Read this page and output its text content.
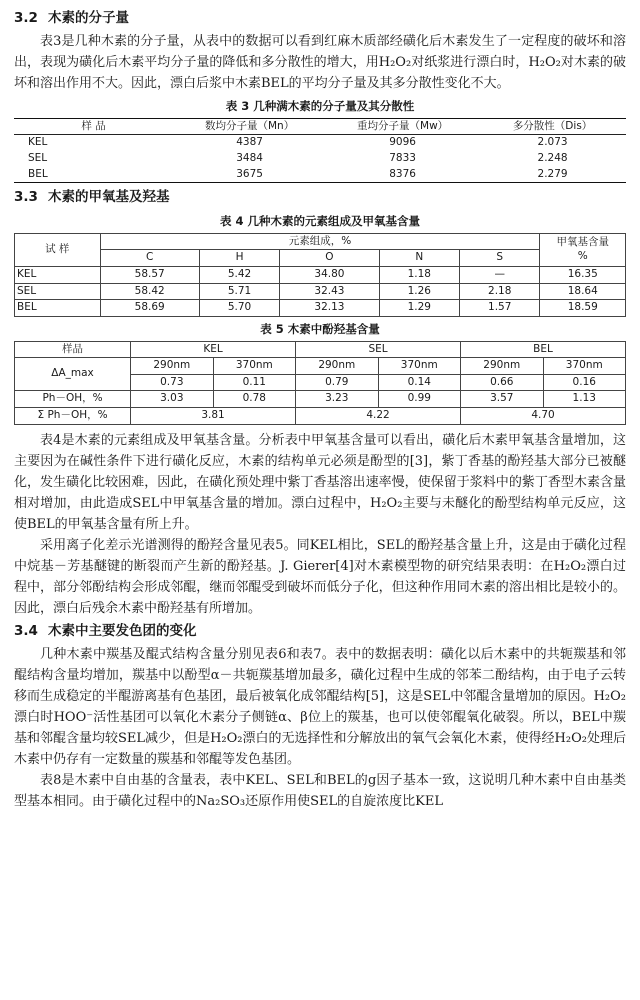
3.2 木素的分子量

表3是几种木素的分子量，从表中的数据可以看到红麻木质部经磺化后木素发生了一定程度的破坏和溶出，表现为磺化后木素平均分子量的降低和多分散性的增大，用H₂O₂对纸浆进行漂白时，H₂O₂对木素的破坏和溶出作用不大。因此，漂白后浆中木素BEL的平均分子量及其多分散性变化不大。

表 3 几种满木素的分子量及其分散性
样 品	数均分子量（Mn）	重均分子量（Mw）	多分散性（Dis）
KEL	4387	9096	2.073
SEL	3484	7833	2.248
BEL	3675	8376	2.279
3.3 木素的甲氧基及羟基
表 4 几种木素的元素组成及甲氧基含量
试 样	元素组成，%					甲氧基含量
%
	C	H	O	N	S	
KEL	58.57	5.42	34.80	1.18	—	16.35
SEL	58.42	5.71	32.43	1.26	2.18	18.64
BEL	58.69	5.70	32.13	1.29	1.57	18.59
表 5 木素中酚羟基含量
样品	KEL		SEL		BEL	
ΔA_max	290nm	370nm	290nm	370nm	290nm	370nm
	0.73	0.11	0.79	0.14	0.66	0.16
Ph－OH，%	3.03	0.78	3.23	0.99	3.57	1.13
Σ Ph－OH，%	3.81		4.22		4.70	

表4是木素的元素组成及甲氧基含量。分析表中甲氧基含量可以看出，磺化后木素甲氧基含量增加，这主要因为在碱性条件下进行磺化反应，木素的结构单元必须是酚型的[3]，紫丁香基的酚羟基大部分已被醚化，发生磺化比较困难，因此，在磺化预处理中紫丁香基溶出速率慢，使保留于浆料中的紫丁香型木素含量相对增加，由此造成SEL中甲氧基含量的增加。漂白过程中，H₂O₂主要与未醚化的酚型结构单元反应，这使BEL的甲氧基含量有所上升。

采用离子化差示光谱测得的酚羟含量见表5。同KEL相比，SEL的酚羟基含量上升，这是由于磺化过程中烷基－芳基醚键的断裂而产生新的酚羟基。J. Gierer[4]对木素模型物的研究结果表明：在H₂O₂漂白过程中，部分邻酚结构会形成邻醌，继而邻醌受到破坏而低分子化，但这种作用同木素的溶出相比是较小的。因此，漂白后残余木素中酚羟基有所增加。

3.4 木素中主要发色团的变化

几种木素中羰基及醌式结构含量分别见表6和表7。表中的数据表明：磺化以后木素中的共轭羰基和邻醌结构含量均增加，羰基中以酚型α－共轭羰基增加最多，磺化过程中生成的邻苯二酚结构，由于电子云转移而生成稳定的半醌游离基有色基团，最后被氧化成邻醌结构[5]，这是SEL中邻醌含量增加的原因。H₂O₂漂白时HOO⁻活性基团可以氧化木素分子侧链α、β位上的羰基，也可以使邻醌氧化破裂。所以，BEL中羰基和邻醌含量均较SEL减少，但是H₂O₂漂白的无选择性和分解放出的氧气会氧化木素，使得经H₂O₂处理后木素中仍存有一定数量的羰基和邻醌等发色基团。

表8是木素中自由基的含量表，表中KEL、SEL和BEL的g因子基本一致，这说明几种木素中自由基类型基本相同。由于磺化过程中的Na₂SO₃还原作用使SEL的自旋浓度比KEL
